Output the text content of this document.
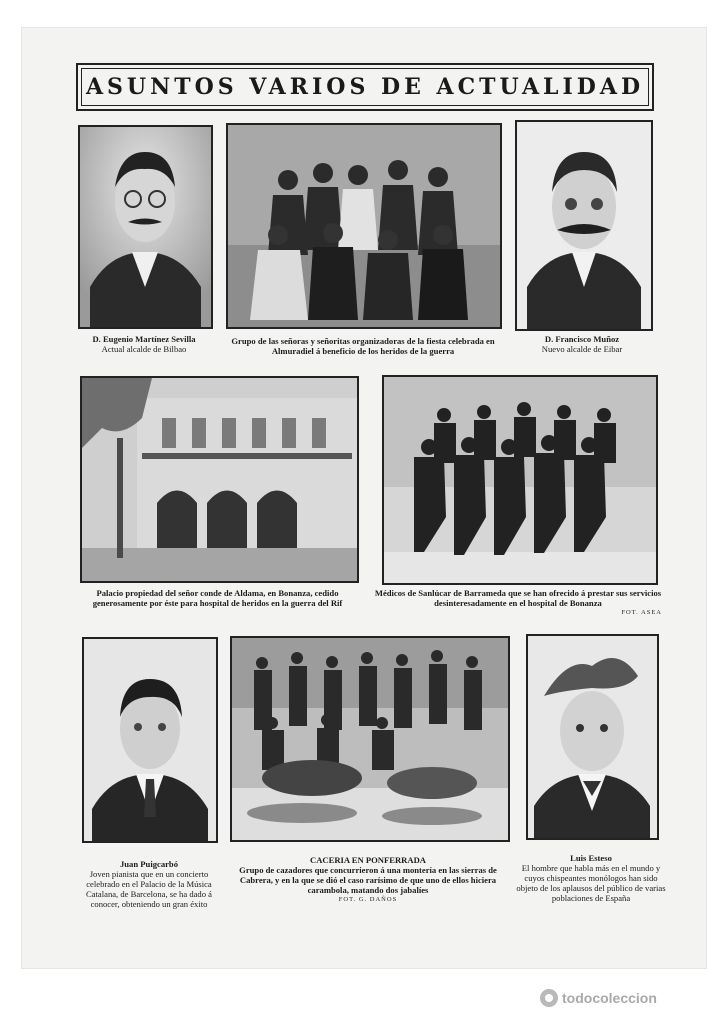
ASUNTOS VARIOS DE ACTUALIDAD
D. Eugenio Martínez Sevilla
Actual alcalde de Bilbao
Grupo de las señoras y señoritas organizadoras de la fiesta celebrada en Almuradiel á beneficio de los heridos de la guerra
D. Francisco Muñoz
Nuevo alcalde de Eibar
Palacio propiedad del señor conde de Aldama, en Bonanza, cedido generosamente por éste para hospital de heridos en la guerra del Rif
Médicos de Sanlúcar de Barrameda que se han ofrecido á prestar sus servicios desinteresadamente en el hospital de Bonanza
FOT. ASEA
Juan Puigcarbó
Joven pianista que en un concierto celebrado en el Palacio de la Música Catalana, de Barcelona, se ha dado á conocer, obteniendo un gran éxito
CACERIA EN PONFERRADA
Grupo de cazadores que concurrieron á una montería en las sierras de Cabrera, y en la que se dió el caso rarísimo de que uno de ellos hiciera carambola, matando dos jabalíes
FOT. G. DAÑOS
Luis Esteso
El hombre que habla más en el mundo y cuyos chispeantes monólogos han sido objeto de los aplausos del público de varias poblaciones de España
todocoleccion
